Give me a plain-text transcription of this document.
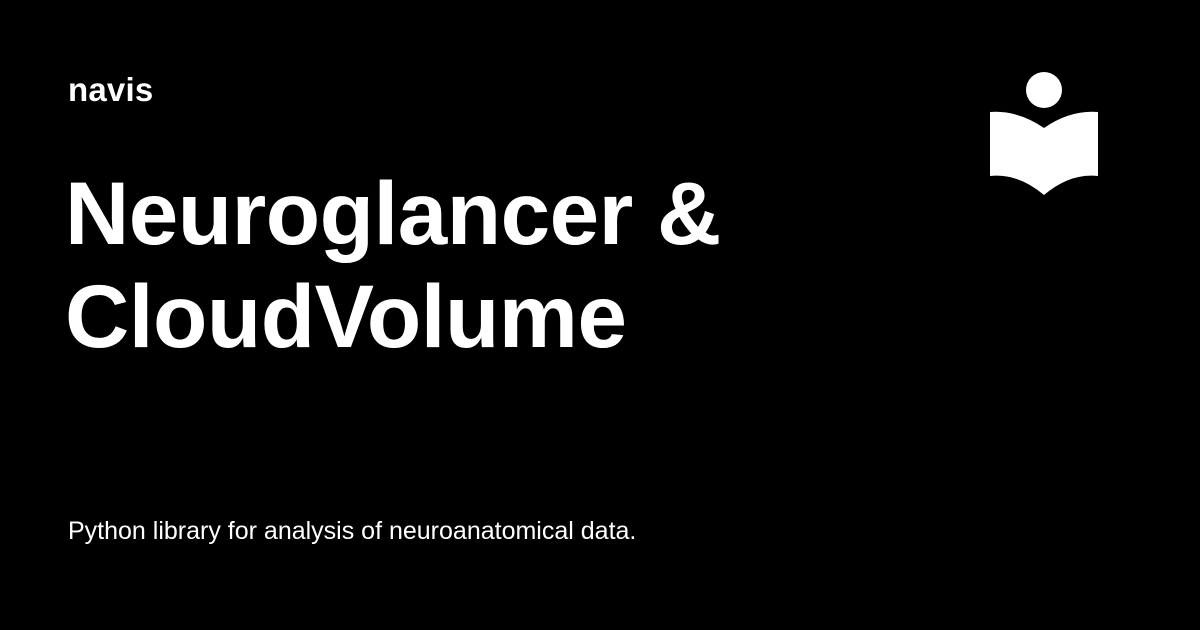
navis
Neuroglancer &
CloudVolume
Python library for analysis of neuroanatomical data.
